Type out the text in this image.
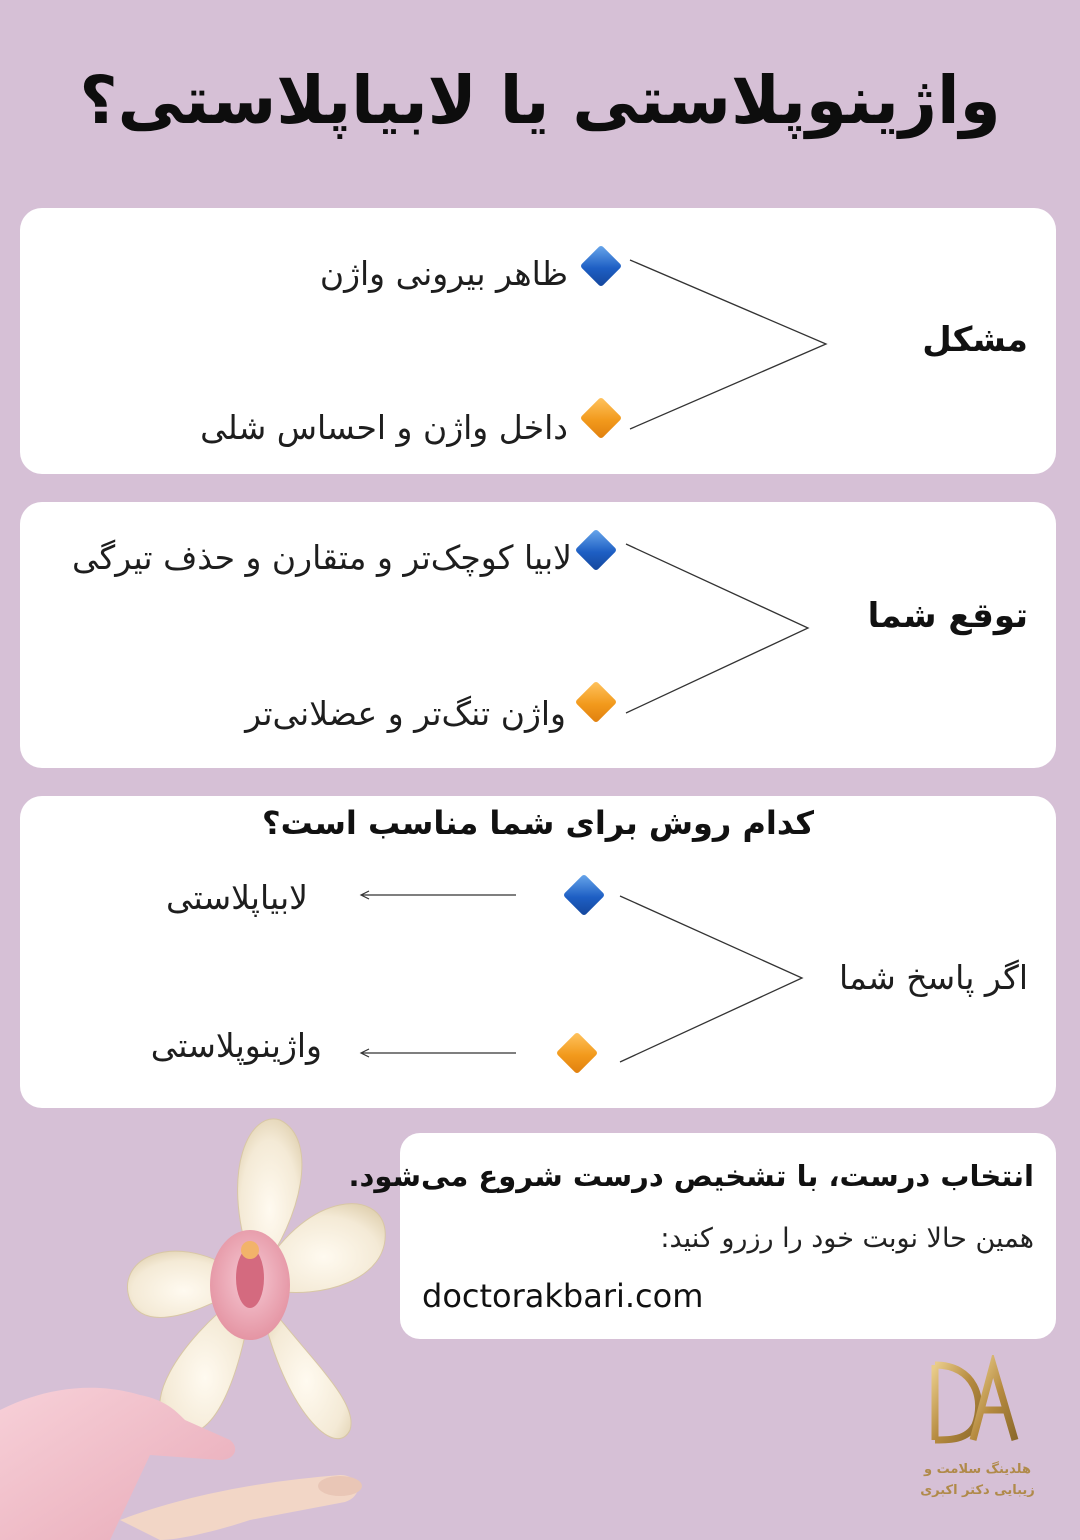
واژینوپلاستی یا لابیاپلاستی؟
مشکل
ظاهر بیرونی واژن
داخل واژن و احساس شلی
توقع شما
لابیا کوچک‌تر و متقارن و حذف تیرگی
واژن تنگ‌تر و عضلانی‌تر
کدام روش برای شما مناسب است؟
اگر پاسخ شما
لابیاپلاستی
واژینوپلاستی
انتخاب درست، با تشخیص درست شروع می‌شود.
همین حالا نوبت خود را رزرو کنید:
doctorakbari.com
هلدینگ سلامت و
زیبایی دکتر اکبری
